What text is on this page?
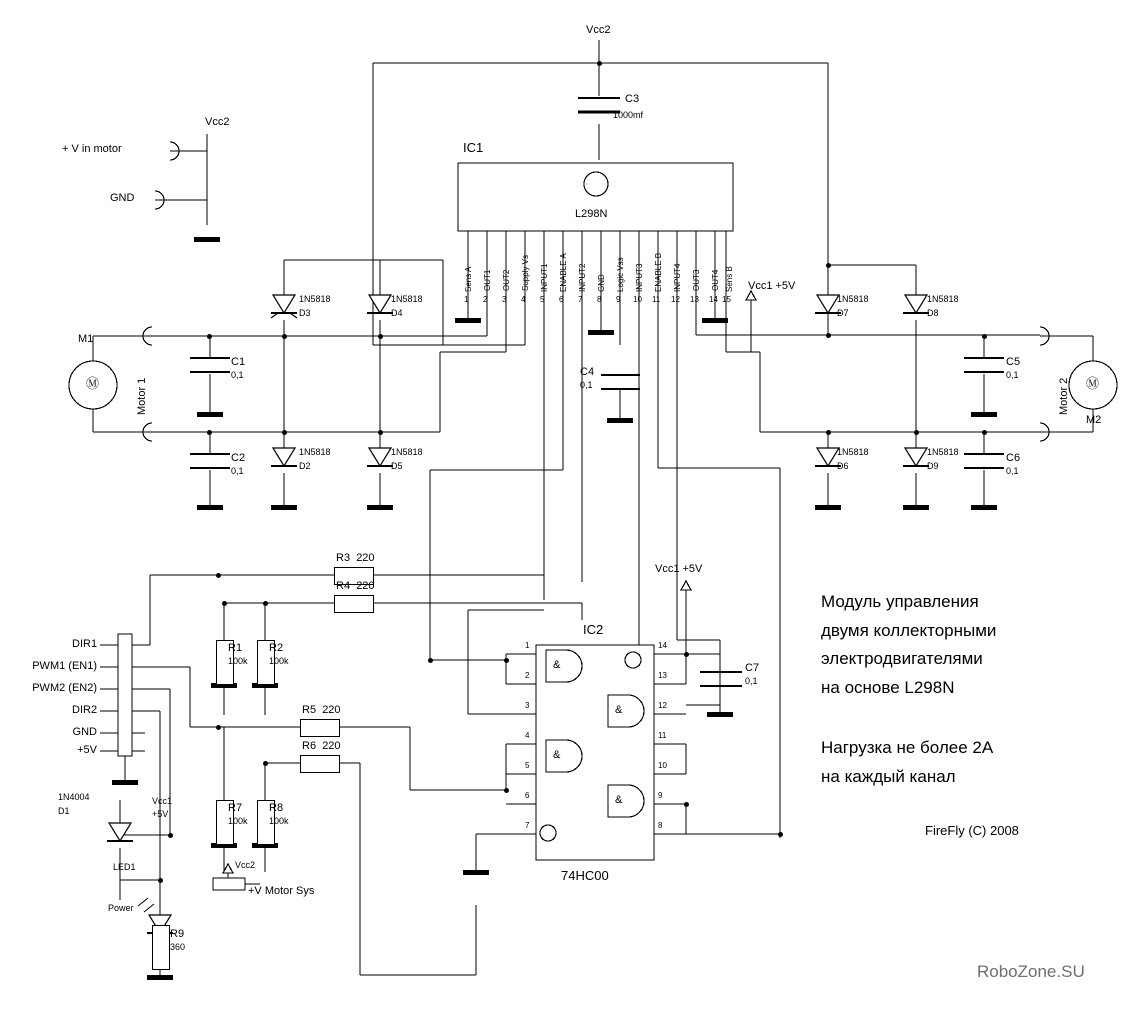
Vcc2
C3
1000mf
Vcc2
+ V in motor
GND
IC1
L298N
Sens A OUT1 OUT2 Supply Vs INPUT1 ENABLE A INPUT2 GND Logic Vss INPUT3 ENABLE B INPUT4 OUT3 OUT4 Sens B
1 2 3 4 5 6 7 8 9 10 11 12 13 14 15
M1
Motor 1
M2
Motor 2
Ⓜ	Ⓜ
C1
0,1
C2
0,1
C4
0,1
C5
0,1
C6
0,1
C7
0,1
1N5818
D3
1N5818
D4
1N5818
D2
1N5818
D5
1N5818
D7
1N5818
D8
1N5818
D6
1N5818
D9
1N4004
D1
Vcc1 +5V
Vcc1 +5V
Vcc1
+5V
Vcc2
+V Motor Sys
LED1
Power
R3 220
R4 220
R5 220
R6 220
R1
100k
R2
100k
R7
100k
R8
100k
R9
360
DIR1
PWM1 (EN1)
PWM2 (EN2)
DIR2
GND
+5V
IC2
74HC00
1
2
3
4
5
6
7
14
13
12
11
10
9
8
&
&
&
&
Модуль управления
двумя коллекторными
электродвигателями
на основе L298N
Нагрузка не более 2А
на каждый канал
FireFly (C) 2008
RoboZone.SU
